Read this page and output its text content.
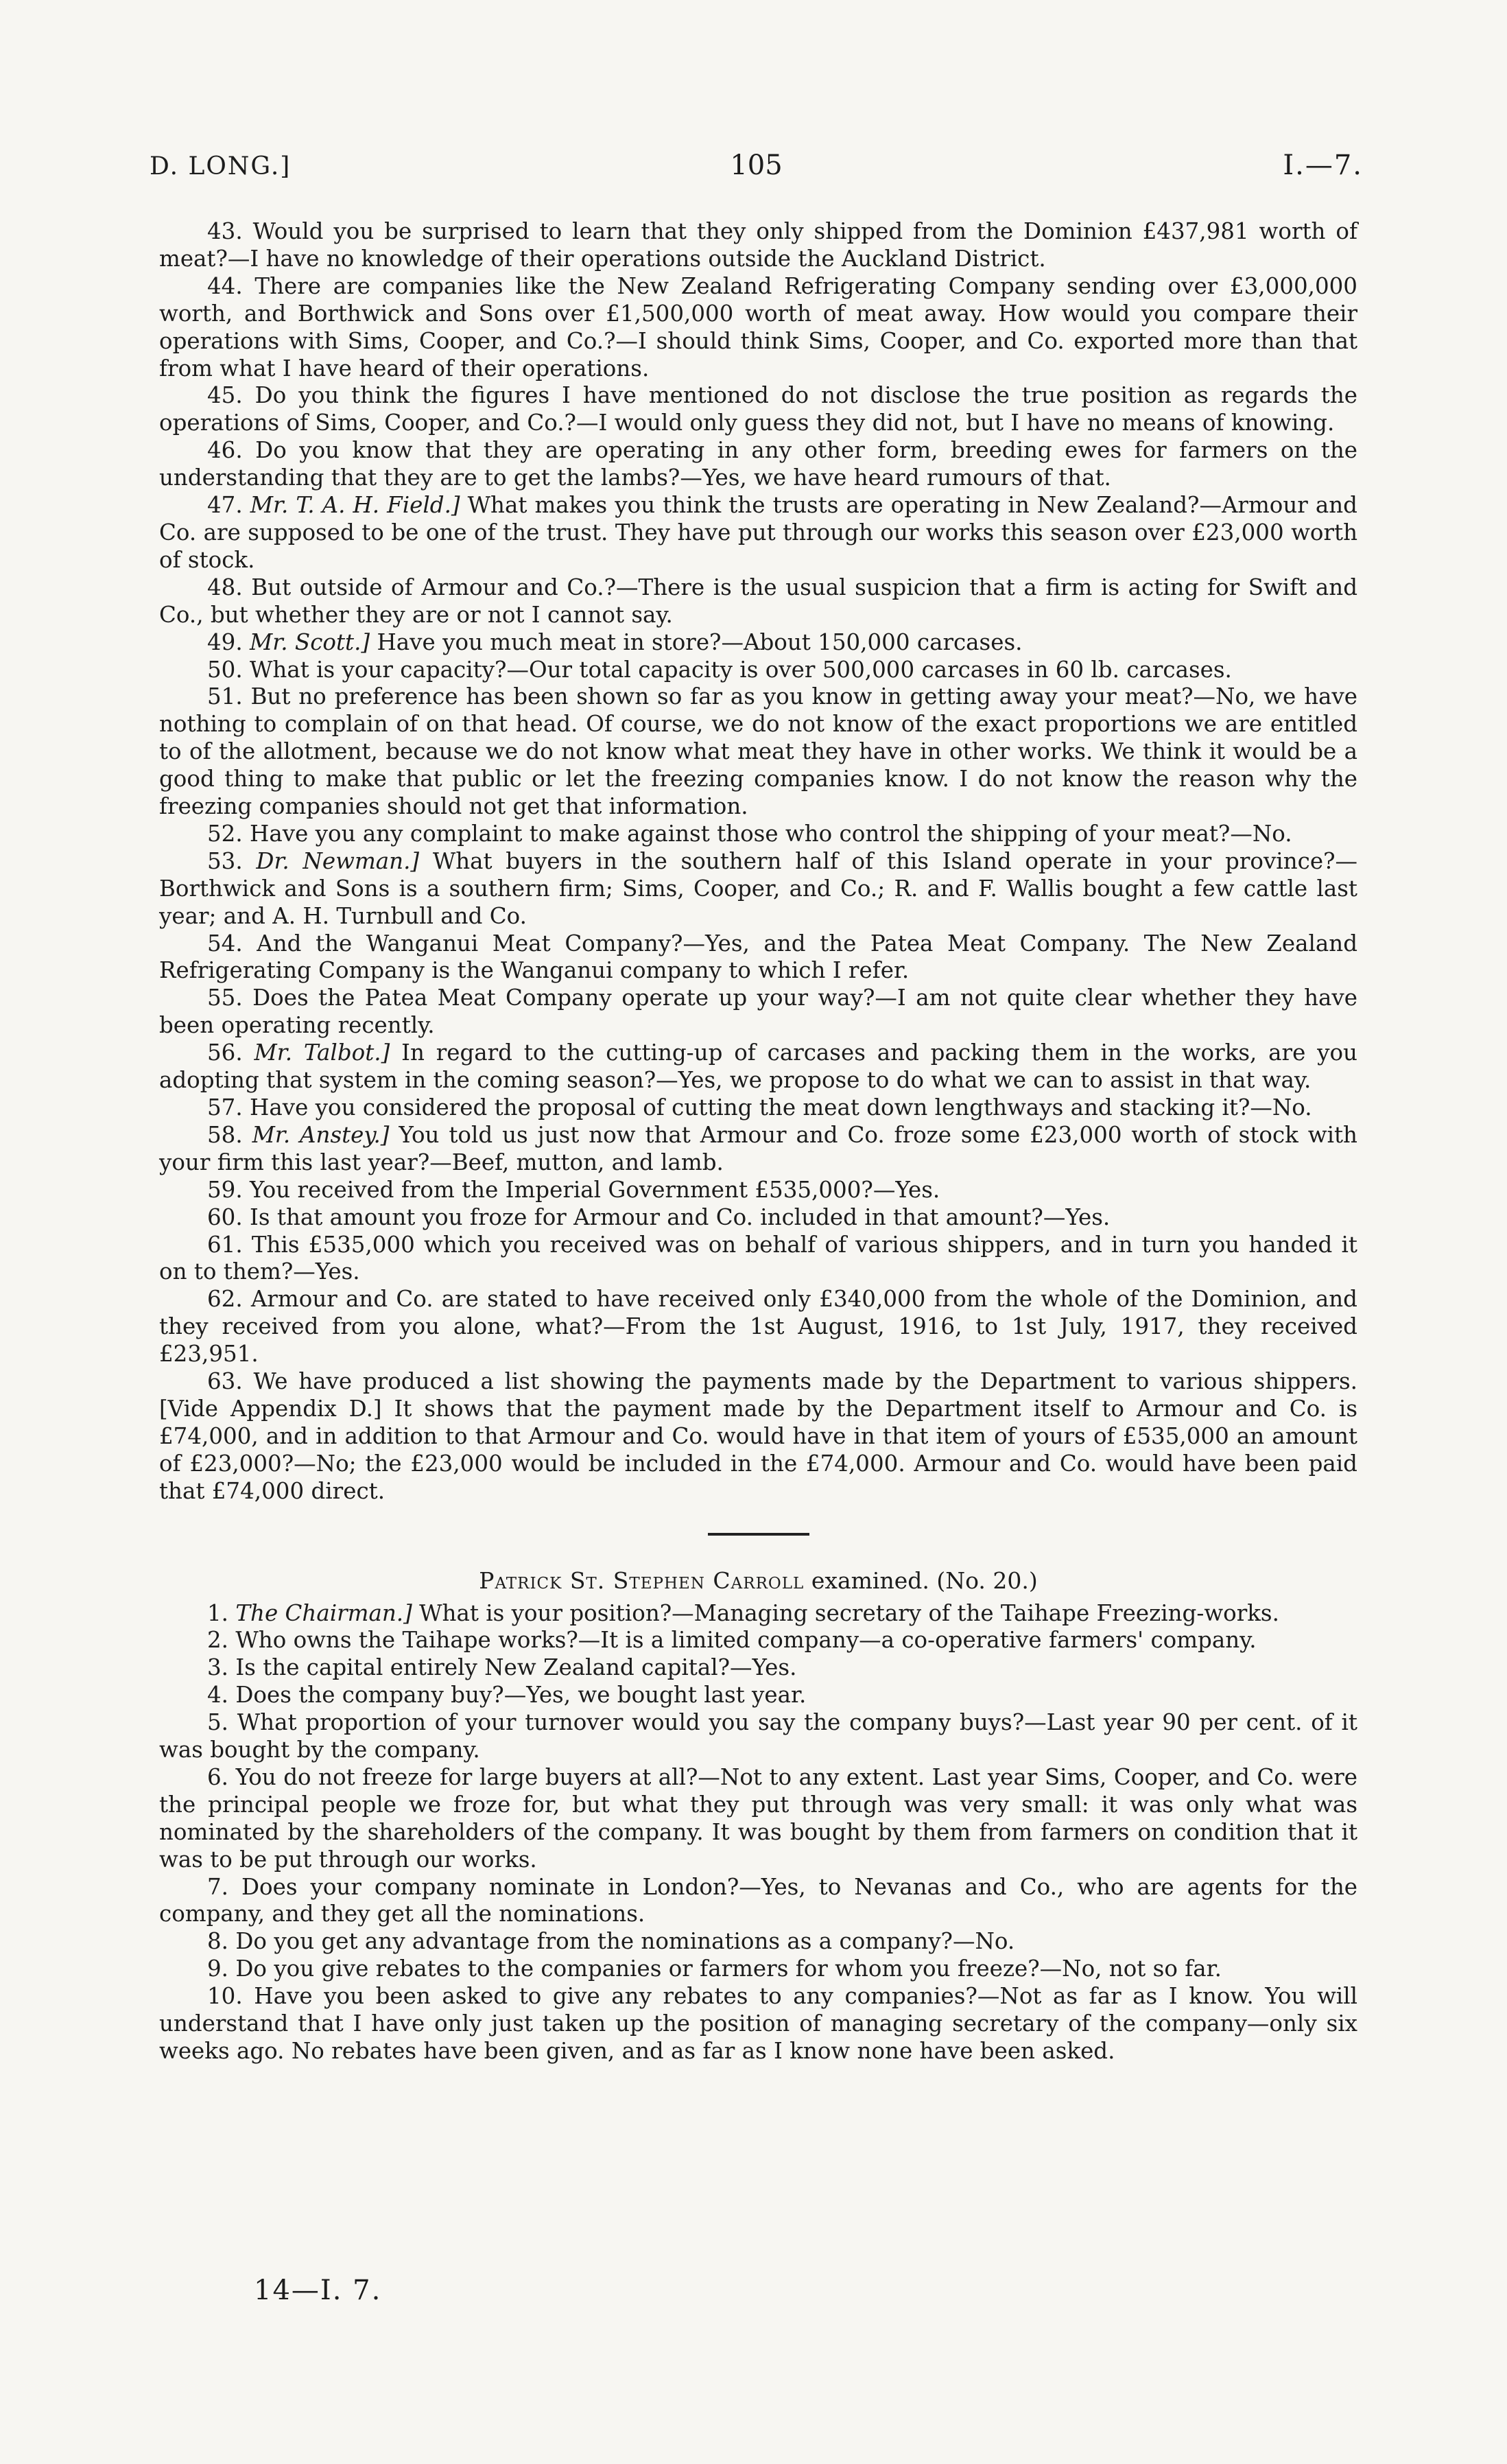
D. LONG.]	105	I.—7.

43. Would you be surprised to learn that they only shipped from the Dominion £437,981 worth of meat?—I have no knowledge of their operations outside the Auckland District.

44. There are companies like the New Zealand Refrigerating Company sending over £3,000,000 worth, and Borthwick and Sons over £1,500,000 worth of meat away. How would you compare their operations with Sims, Cooper, and Co.?—I should think Sims, Cooper, and Co. exported more than that from what I have heard of their operations.

45. Do you think the figures I have mentioned do not disclose the true position as regards the operations of Sims, Cooper, and Co.?—I would only guess they did not, but I have no means of knowing.

46. Do you know that they are operating in any other form, breeding ewes for farmers on the understanding that they are to get the lambs?—Yes, we have heard rumours of that.

47. Mr. T. A. H. Field.] What makes you think the trusts are operating in New Zealand?—Armour and Co. are supposed to be one of the trust. They have put through our works this season over £23,000 worth of stock.

48. But outside of Armour and Co.?—There is the usual suspicion that a firm is acting for Swift and Co., but whether they are or not I cannot say.

49. Mr. Scott.] Have you much meat in store?—About 150,000 carcases.

50. What is your capacity?—Our total capacity is over 500,000 carcases in 60 lb. carcases.

51. But no preference has been shown so far as you know in getting away your meat?—No, we have nothing to complain of on that head. Of course, we do not know of the exact proportions we are entitled to of the allotment, because we do not know what meat they have in other works. We think it would be a good thing to make that public or let the freezing companies know. I do not know the reason why the freezing companies should not get that information.

52. Have you any complaint to make against those who control the shipping of your meat?—No.

53. Dr. Newman.] What buyers in the southern half of this Island operate in your province?—Borthwick and Sons is a southern firm; Sims, Cooper, and Co.; R. and F. Wallis bought a few cattle last year; and A. H. Turnbull and Co.

54. And the Wanganui Meat Company?—Yes, and the Patea Meat Company. The New Zealand Refrigerating Company is the Wanganui company to which I refer.

55. Does the Patea Meat Company operate up your way?—I am not quite clear whether they have been operating recently.

56. Mr. Talbot.] In regard to the cutting-up of carcases and packing them in the works, are you adopting that system in the coming season?—Yes, we propose to do what we can to assist in that way.

57. Have you considered the proposal of cutting the meat down lengthways and stacking it?—No.

58. Mr. Anstey.] You told us just now that Armour and Co. froze some £23,000 worth of stock with your firm this last year?—Beef, mutton, and lamb.

59. You received from the Imperial Government £535,000?—Yes.

60. Is that amount you froze for Armour and Co. included in that amount?—Yes.

61. This £535,000 which you received was on behalf of various shippers, and in turn you handed it on to them?—Yes.

62. Armour and Co. are stated to have received only £340,000 from the whole of the Dominion, and they received from you alone, what?—From the 1st August, 1916, to 1st July, 1917, they received £23,951.

63. We have produced a list showing the payments made by the Department to various shippers. [Vide Appendix D.] It shows that the payment made by the Department itself to Armour and Co. is £74,000, and in addition to that Armour and Co. would have in that item of yours of £535,000 an amount of £23,000?—No; the £23,000 would be included in the £74,000. Armour and Co. would have been paid that £74,000 direct.

Patrick St. Stephen Carroll examined. (No. 20.)

1. The Chairman.] What is your position?—Managing secretary of the Taihape Freezing-works.

2. Who owns the Taihape works?—It is a limited company—a co-operative farmers' company.

3. Is the capital entirely New Zealand capital?—Yes.

4. Does the company buy?—Yes, we bought last year.

5. What proportion of your turnover would you say the company buys?—Last year 90 per cent. of it was bought by the company.

6. You do not freeze for large buyers at all?—Not to any extent. Last year Sims, Cooper, and Co. were the principal people we froze for, but what they put through was very small: it was only what was nominated by the shareholders of the company. It was bought by them from farmers on condition that it was to be put through our works.

7. Does your company nominate in London?—Yes, to Nevanas and Co., who are agents for the company, and they get all the nominations.

8. Do you get any advantage from the nominations as a company?—No.

9. Do you give rebates to the companies or farmers for whom you freeze?—No, not so far.

10. Have you been asked to give any rebates to any companies?—Not as far as I know. You will understand that I have only just taken up the position of managing secretary of the company—only six weeks ago. No rebates have been given, and as far as I know none have been asked.

14—I. 7.
